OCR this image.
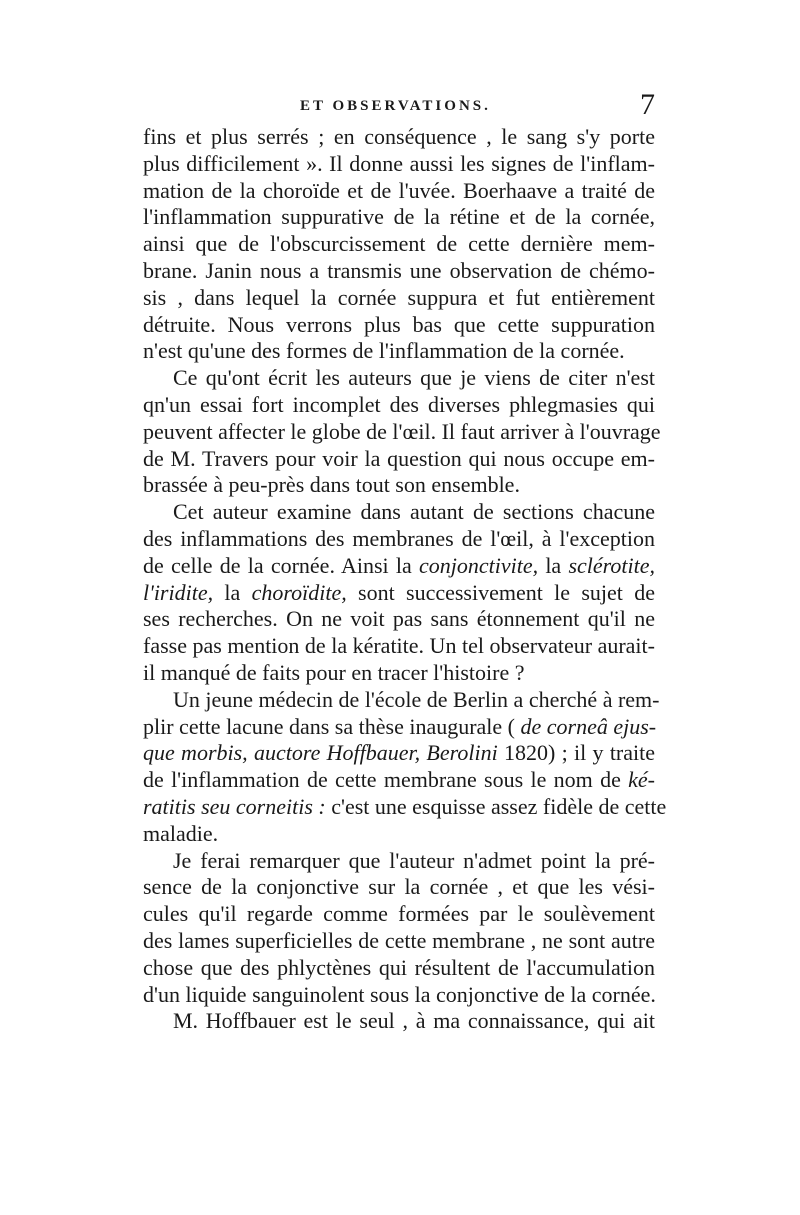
ET OBSERVATIONS.	7
fins et plus serrés ; en conséquence , le sang s'y porte
plus difficilement ». Il donne aussi les signes de l'inflam-
mation de la choroïde et de l'uvée. Boerhaave a traité de
l'inflammation suppurative de la rétine et de la cornée,
ainsi que de l'obscurcissement de cette dernière mem-
brane. Janin nous a transmis une observation de chémo-
sis , dans lequel la cornée suppura et fut entièrement
détruite. Nous verrons plus bas que cette suppuration
n'est qu'une des formes de l'inflammation de la cornée.
Ce qu'ont écrit les auteurs que je viens de citer n'est
qn'un essai fort incomplet des diverses phlegmasies qui
peuvent affecter le globe de l'œil. Il faut arriver à l'ouvrage
de M. Travers pour voir la question qui nous occupe em-
brassée à peu-près dans tout son ensemble.
Cet auteur examine dans autant de sections chacune
des inflammations des membranes de l'œil, à l'exception
de celle de la cornée. Ainsi la conjonctivite, la sclérotite,
l'iridite, la choroïdite, sont successivement le sujet de
ses recherches. On ne voit pas sans étonnement qu'il ne
fasse pas mention de la kératite. Un tel observateur aurait-
il manqué de faits pour en tracer l'histoire ?
Un jeune médecin de l'école de Berlin a cherché à rem-
plir cette lacune dans sa thèse inaugurale ( de corneâ ejus-
que morbis, auctore Hoffbauer, Berolini 1820) ; il y traite
de l'inflammation de cette membrane sous le nom de ké-
ratitis seu corneitis : c'est une esquisse assez fidèle de cette
maladie.
Je ferai remarquer que l'auteur n'admet point la pré-
sence de la conjonctive sur la cornée , et que les vési-
cules qu'il regarde comme formées par le soulèvement
des lames superficielles de cette membrane , ne sont autre
chose que des phlyctènes qui résultent de l'accumulation
d'un liquide sanguinolent sous la conjonctive de la cornée.
M. Hoffbauer est le seul , à ma connaissance, qui ait
